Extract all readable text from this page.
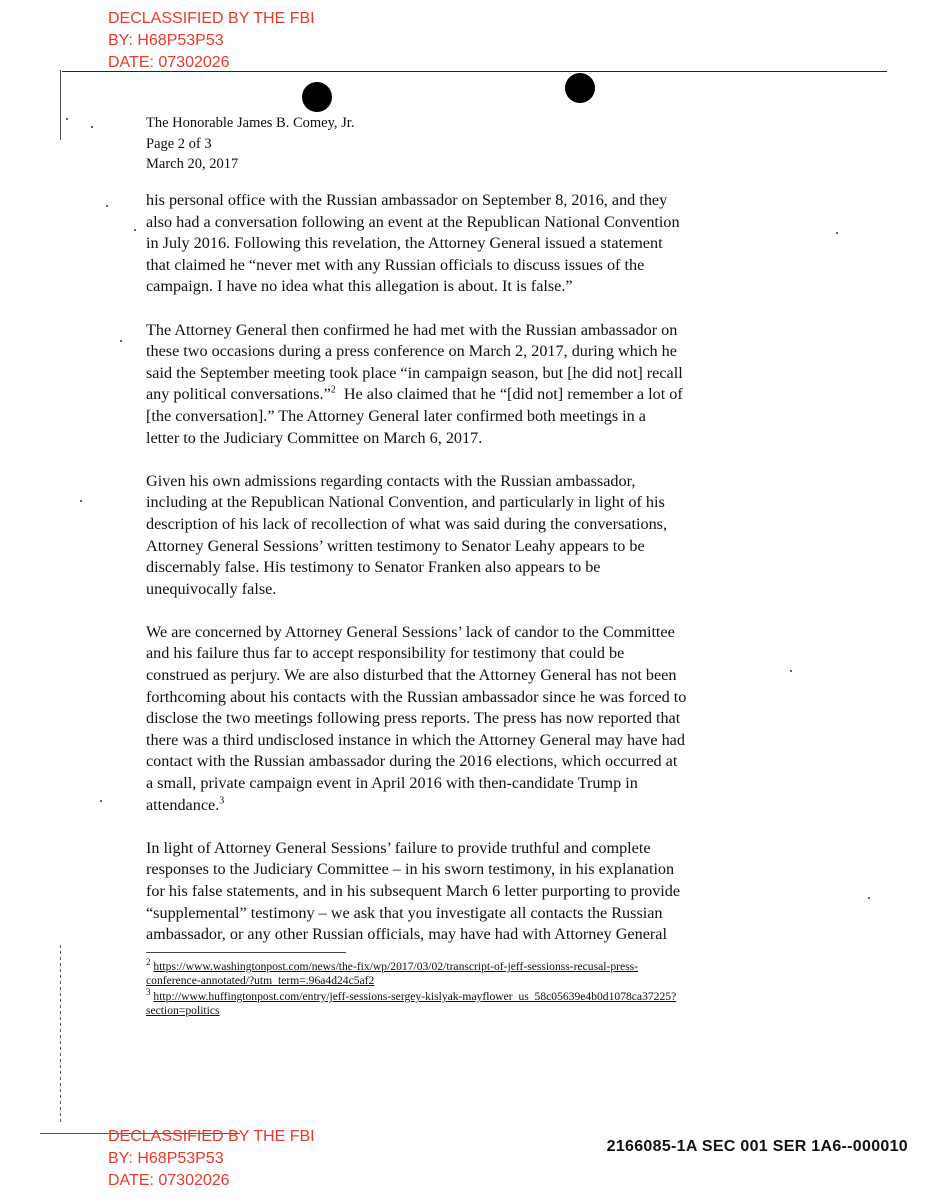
DECLASSIFIED BY THE FBI
BY: H68P53P53
DATE: 07302026
The Honorable James B. Comey, Jr.
Page 2 of 3
March 20, 2017

his personal office with the Russian ambassador on September 8, 2016, and they
also had a conversation following an event at the Republican National Convention
in July 2016. Following this revelation, the Attorney General issued a statement
that claimed he “never met with any Russian officials to discuss issues of the
campaign. I have no idea what this allegation is about. It is false.”

The Attorney General then confirmed he had met with the Russian ambassador on
these two occasions during a press conference on March 2, 2017, during which he
said the September meeting took place “in campaign season, but [he did not] recall
any political conversations.”$^2$  He also claimed that he “[did not] remember a lot of
[the conversation].” The Attorney General later confirmed both meetings in a
letter to the Judiciary Committee on March 6, 2017.

Given his own admissions regarding contacts with the Russian ambassador,
including at the Republican National Convention, and particularly in light of his
description of his lack of recollection of what was said during the conversations,
Attorney General Sessions’ written testimony to Senator Leahy appears to be
discernably false. His testimony to Senator Franken also appears to be
unequivocally false.

We are concerned by Attorney General Sessions’ lack of candor to the Committee
and his failure thus far to accept responsibility for testimony that could be
construed as perjury. We are also disturbed that the Attorney General has not been
forthcoming about his contacts with the Russian ambassador since he was forced to
disclose the two meetings following press reports. The press has now reported that
there was a third undisclosed instance in which the Attorney General may have had
contact with the Russian ambassador during the 2016 elections, which occurred at
a small, private campaign event in April 2016 with then-candidate Trump in
attendance.$^3$

In light of Attorney General Sessions’ failure to provide truthful and complete
responses to the Judiciary Committee – in his sworn testimony, in his explanation
for his false statements, and in his subsequent March 6 letter purporting to provide
“supplemental” testimony – we ask that you investigate all contacts the Russian
ambassador, or any other Russian officials, may have had with Attorney General

$^2$ https://www.washingtonpost.com/news/the-fix/wp/2017/03/02/transcript-of-jeff-sessionss-recusal-press-
conference-annotated/?utm_term=.96a4d24c5af2
$^3$ http://www.huffingtonpost.com/entry/jeff-sessions-sergey-kislyak-mayflower_us_58c05639e4b0d1078ca37225?
section=politics
DECLASSIFIED BY THE FBI
BY: H68P53P53
DATE: 07302026
2166085-1A SEC 001 SER 1A6--000010
